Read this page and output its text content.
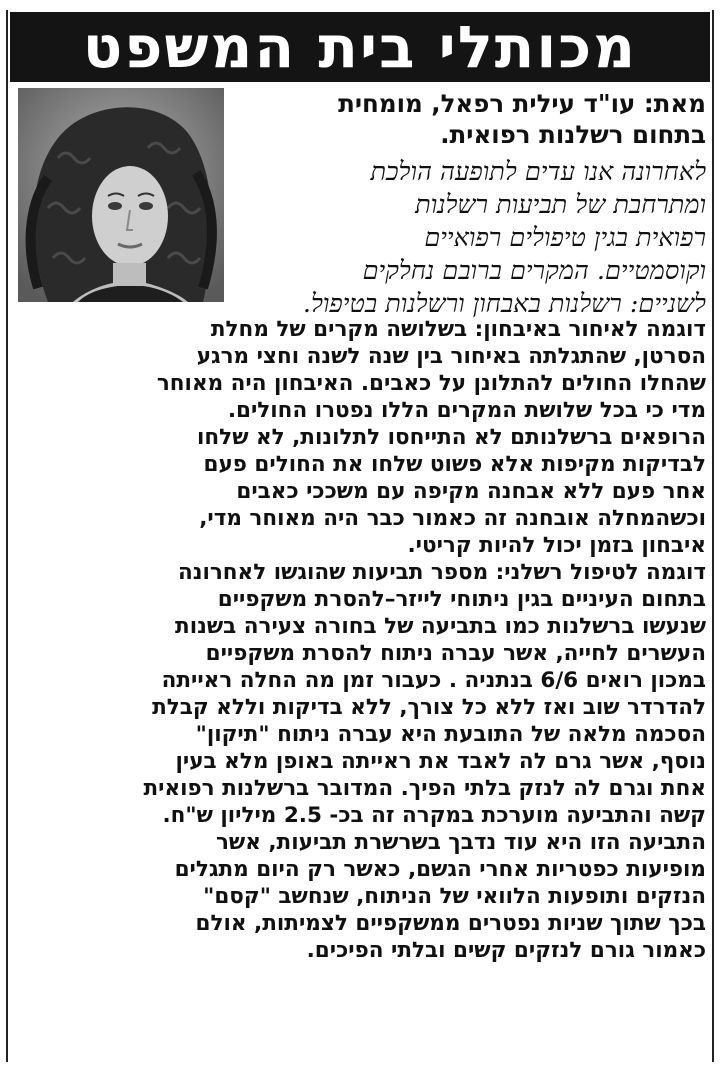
מכותלי בית המשפט

מאת: עו"ד עילית רפאל, מומחית

בתחום רשלנות רפואית.

לאחרונה אנו עדים לתופעה הולכת
ומתרחבת של תביעות רשלנות
רפואית בגין טיפולים רפואיים
וקוסמטיים. המקרים ברובם נחלקים
לשניים: רשלנות באבחון ורשלנות בטיפול.

דוגמה לאיחור באיבחון: בשלושה מקרים של מחלת
הסרטן, שהתגלתה באיחור בין שנה לשנה וחצי מרגע
שהחלו החולים להתלונן על כאבים. האיבחון היה מאוחר
מדי כי בכל שלושת המקרים הללו נפטרו החולים.
הרופאים ברשלנותם לא התייחסו לתלונות, לא שלחו
לבדיקות מקיפות אלא פשוט שלחו את החולים פעם
אחר פעם ללא אבחנה מקיפה עם משככי כאבים
וכשהמחלה אובחנה זה כאמור כבר היה מאוחר מדי,
איבחון בזמן יכול להיות קריטי.
דוגמה לטיפול רשלני: מספר תביעות שהוגשו לאחרונה
בתחום העיניים בגין ניתוחי לייזר–להסרת משקפיים
שנעשו ברשלנות כמו בתביעה של בחורה צעירה בשנות
העשרים לחייה, אשר עברה ניתוח להסרת משקפיים
במכון רואים 6/6 בנתניה . כעבור זמן מה החלה ראייתה
להדרדר שוב ואז ללא כל צורך, ללא בדיקות וללא קבלת
הסכמה מלאה של התובעת היא עברה ניתוח "תיקון"
נוסף, אשר גרם לה לאבד את ראייתה באופן מלא בעין
אחת וגרם לה לנזק בלתי הפיך. המדובר ברשלנות רפואית
קשה והתביעה מוערכת במקרה זה בכ- 2.5 מיליון ש"ח.
התביעה הזו היא עוד נדבך בשרשרת תביעות, אשר
מופיעות כפטריות אחרי הגשם, כאשר רק היום מתגלים
הנזקים ותופעות הלוואי של הניתוח, שנחשב "קסם"
בכך שתוך שניות נפטרים ממשקפיים לצמיתות, אולם
כאמור גורם לנזקים קשים ובלתי הפיכים.
